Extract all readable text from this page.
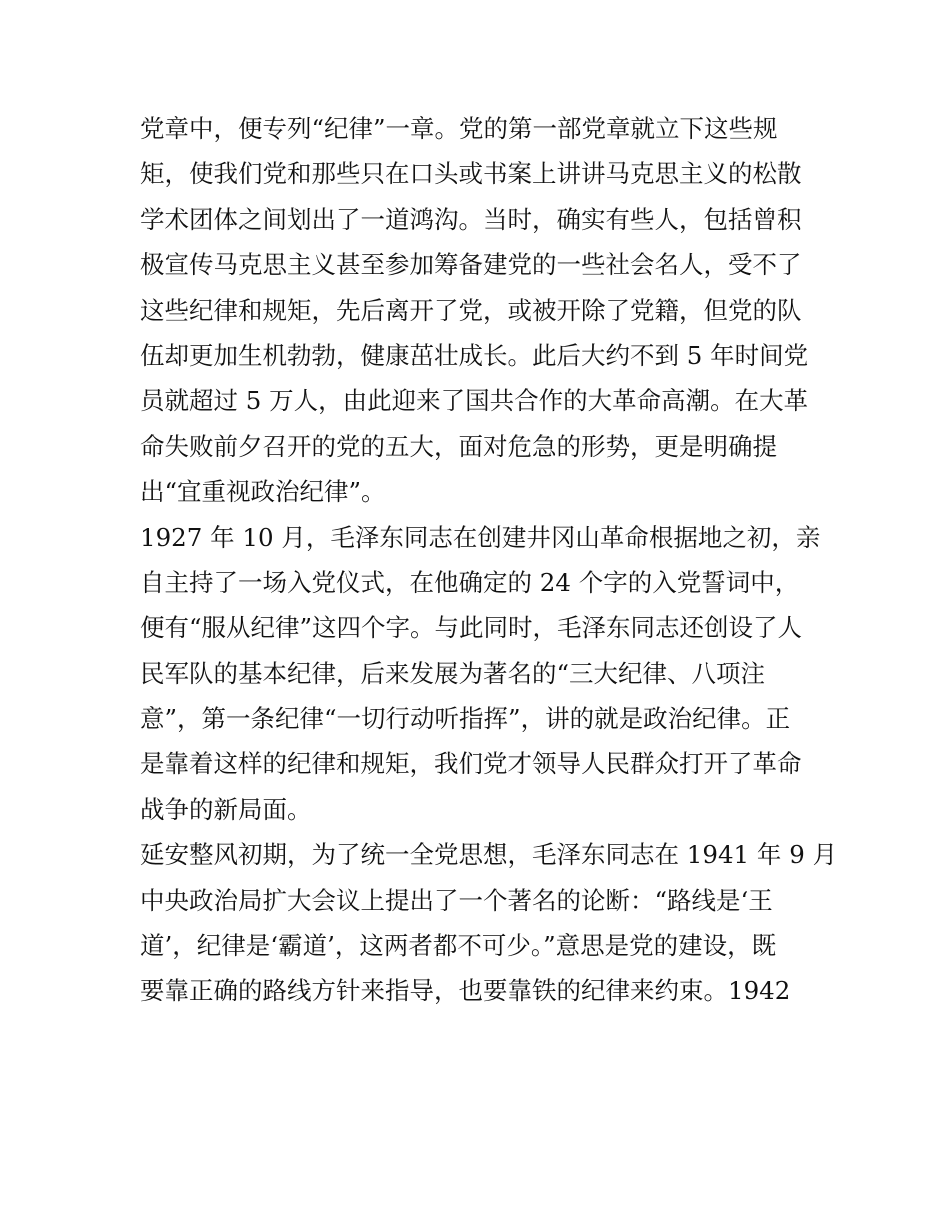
党章中，便专列“纪律”一章。党的第一部党章就立下这些规
矩，使我们党和那些只在口头或书案上讲讲马克思主义的松散
学术团体之间划出了一道鸿沟。当时，确实有些人，包括曾积
极宣传马克思主义甚至参加筹备建党的一些社会名人，受不了
这些纪律和规矩，先后离开了党，或被开除了党籍，但党的队
伍却更加生机勃勃，健康茁壮成长。此后大约不到 5 年时间党
员就超过 5 万人，由此迎来了国共合作的大革命高潮。在大革
命失败前夕召开的党的五大，面对危急的形势，更是明确提
出“宜重视政治纪律”。
1927 年 10 月，毛泽东同志在创建井冈山革命根据地之初，亲
自主持了一场入党仪式，在他确定的 24 个字的入党誓词中，
便有“服从纪律”这四个字。与此同时，毛泽东同志还创设了人
民军队的基本纪律，后来发展为著名的“三大纪律、八项注
意”，第一条纪律“一切行动听指挥”，讲的就是政治纪律。正
是靠着这样的纪律和规矩，我们党才领导人民群众打开了革命
战争的新局面。
延安整风初期，为了统一全党思想，毛泽东同志在 1941 年 9 月
中央政治局扩大会议上提出了一个著名的论断：“路线是‘王
道’，纪律是‘霸道’，这两者都不可少。”意思是党的建设，既
要靠正确的路线方针来指导，也要靠铁的纪律来约束。1942
